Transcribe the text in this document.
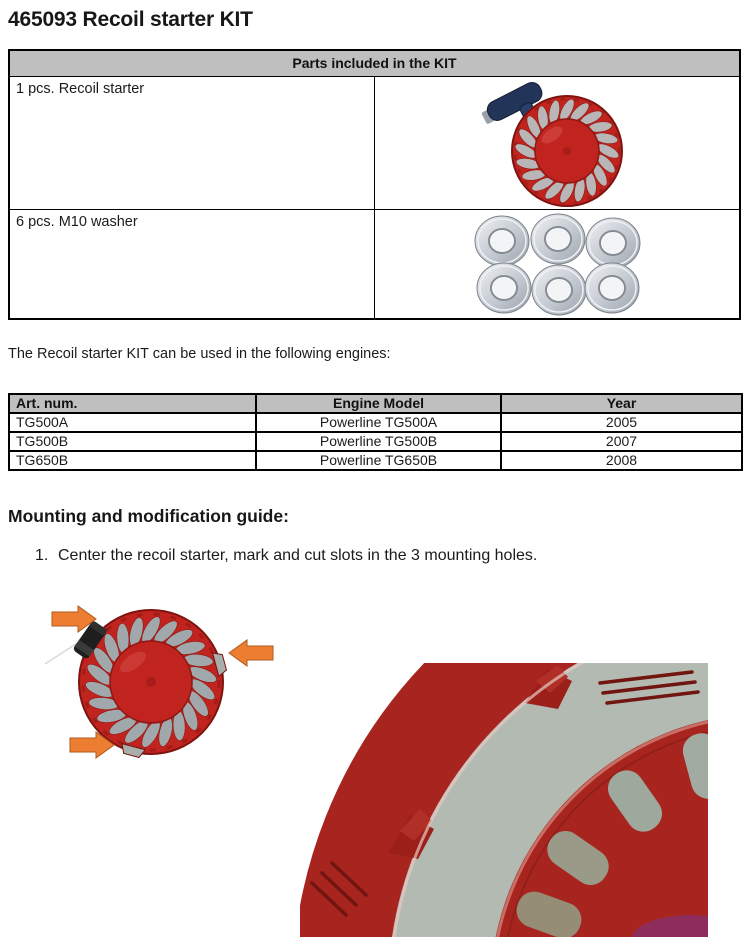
465093 Recoil starter KIT
Parts included in the KIT	
1 pcs. Recoil starter	

6 pcs. M10 washer	

The Recoil starter KIT can be used in the following engines:

Art. num.	Engine Model	Year
TG500A	Powerline TG500A	2005
TG500B	Powerline TG500B	2007
TG650B	Powerline TG650B	2008
Mounting and modification guide:
1. Center the recoil starter, mark and cut slots in the 3 mounting holes.
